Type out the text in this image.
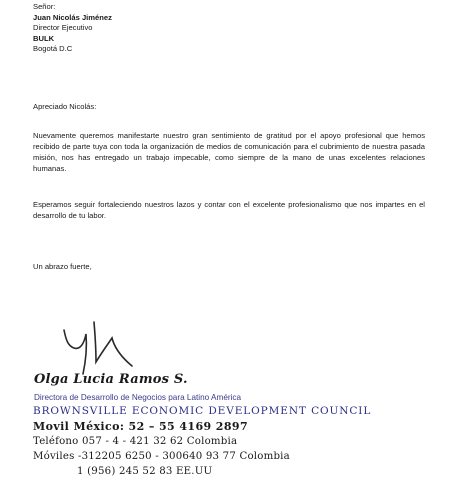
Señor:
Juan Nicolás Jiménez
Director Ejecutivo
BULK
Bogotá D.C
Apreciado Nicolás:
Nuevamente queremos manifestarte nuestro gran sentimiento de gratitud por el apoyo profesional que hemos recibido de parte tuya con toda la organización de medios de comunicación para el cubrimiento de nuestra pasada misión, nos has entregado un trabajo impecable, como siempre de la mano de unas excelentes relaciones humanas.
Esperamos seguir fortaleciendo nuestros lazos y contar con el excelente profesionalismo que nos impartes en el desarrollo de tu labor.
Un abrazo fuerte,
Olga Lucia Ramos S.
Directora de Desarrollo de Negocios para Latino América
BROWNSVILLE ECONOMIC DEVELOPMENT COUNCIL
Movil México: 52 – 55 4169 2897
Teléfono 057 - 4 - 421 32 62 Colombia
Móviles -312205 6250 - 300640 93 77 Colombia
1 (956) 245 52 83 EE.UU
